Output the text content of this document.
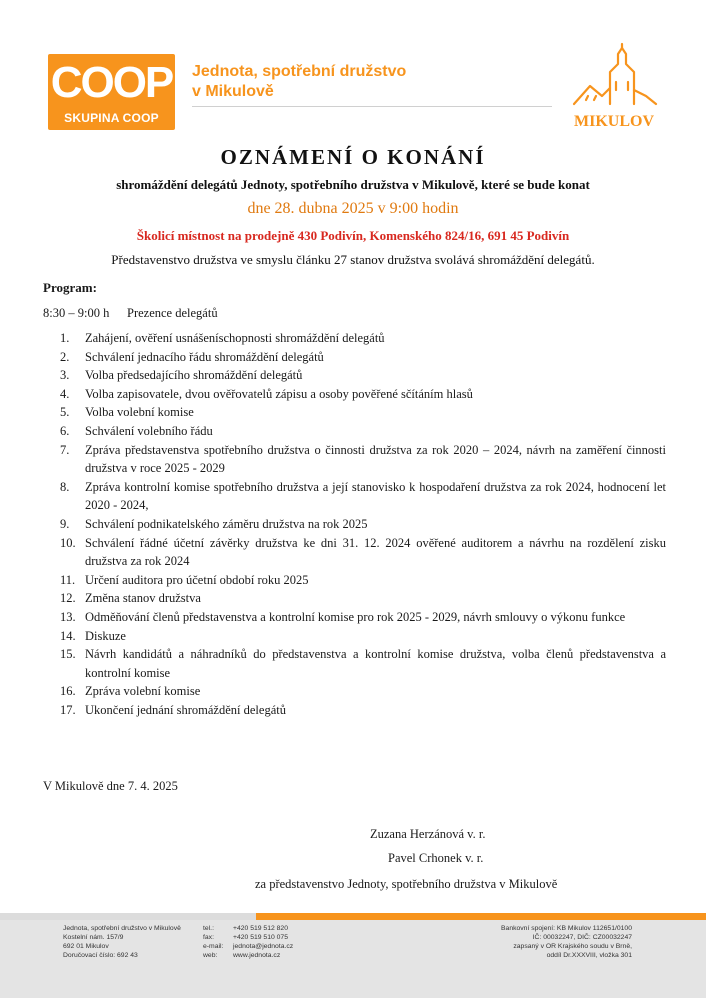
COOP
SKUPINA COOP
Jednota, spotřební družstvo
v Mikulově
MIKULOV
OZNÁMENÍ O KONÁNÍ
shromáždění delegátů Jednoty, spotřebního družstva v Mikulově, které se bude konat
dne 28. dubna 2025 v 9:00 hodin
Školicí místnost na prodejně 430 Podivín, Komenského 824/16, 691 45 Podivín
Představenstvo družstva ve smyslu článku 27 stanov družstva svolává shromáždění delegátů.
Program:
8:30 – 9:00 h Prezence delegátů
1.	Zahájení, ověření usnášeníschopnosti shromáždění delegátů
2.	Schválení jednacího řádu shromáždění delegátů
3.	Volba předsedajícího shromáždění delegátů
4.	Volba zapisovatele, dvou ověřovatelů zápisu a osoby pověřené sčítáním hlasů
5.	Volba volební komise
6.	Schválení volebního řádu
7.	Zpráva představenstva spotřebního družstva o činnosti družstva za rok 2020 – 2024, návrh na zaměření činnosti družstva v roce 2025 - 2029
8.	Zpráva kontrolní komise spotřebního družstva a její stanovisko k hospodaření družstva za rok 2024, hodnocení let 2020 - 2024,
9.	Schválení podnikatelského záměru družstva na rok 2025
10. Schválení řádné účetní závěrky družstva ke dni 31. 12. 2024 ověřené auditorem a návrhu na rozdělení zisku družstva za rok 2024
11. Určení auditora pro účetní období roku 2025
12. Změna stanov družstva
13. Odměňování členů představenstva a kontrolní komise pro rok 2025 - 2029, návrh smlouvy o výkonu funkce
14. Diskuze
15. Návrh kandidátů a náhradníků do představenstva a kontrolní komise družstva, volba členů představenstva a kontrolní komise
16. Zpráva volební komise
17. Ukončení jednání shromáždění delegátů
V Mikulově dne 7. 4. 2025
Zuzana Herzánová v. r.
Pavel Crhonek v. r.
za představenstvo Jednoty, spotřebního družstva v Mikulově
Jednota, spotřební družstvo v Mikulově
Kostelní nám. 157/9
692 01 Mikulov
Doručovací číslo: 692 43
tel.:	+420 519 512 820
fax:	+420 519 510 075
e-mail: jednota@jednota.cz
web: www.jednota.cz
Bankovní spojení: KB Mikulov 112651/0100
IČ: 00032247, DIČ: CZ00032247
zapsaný v OR Krajského soudu v Brně,
oddíl Dr.XXXVIII, vložka 301
